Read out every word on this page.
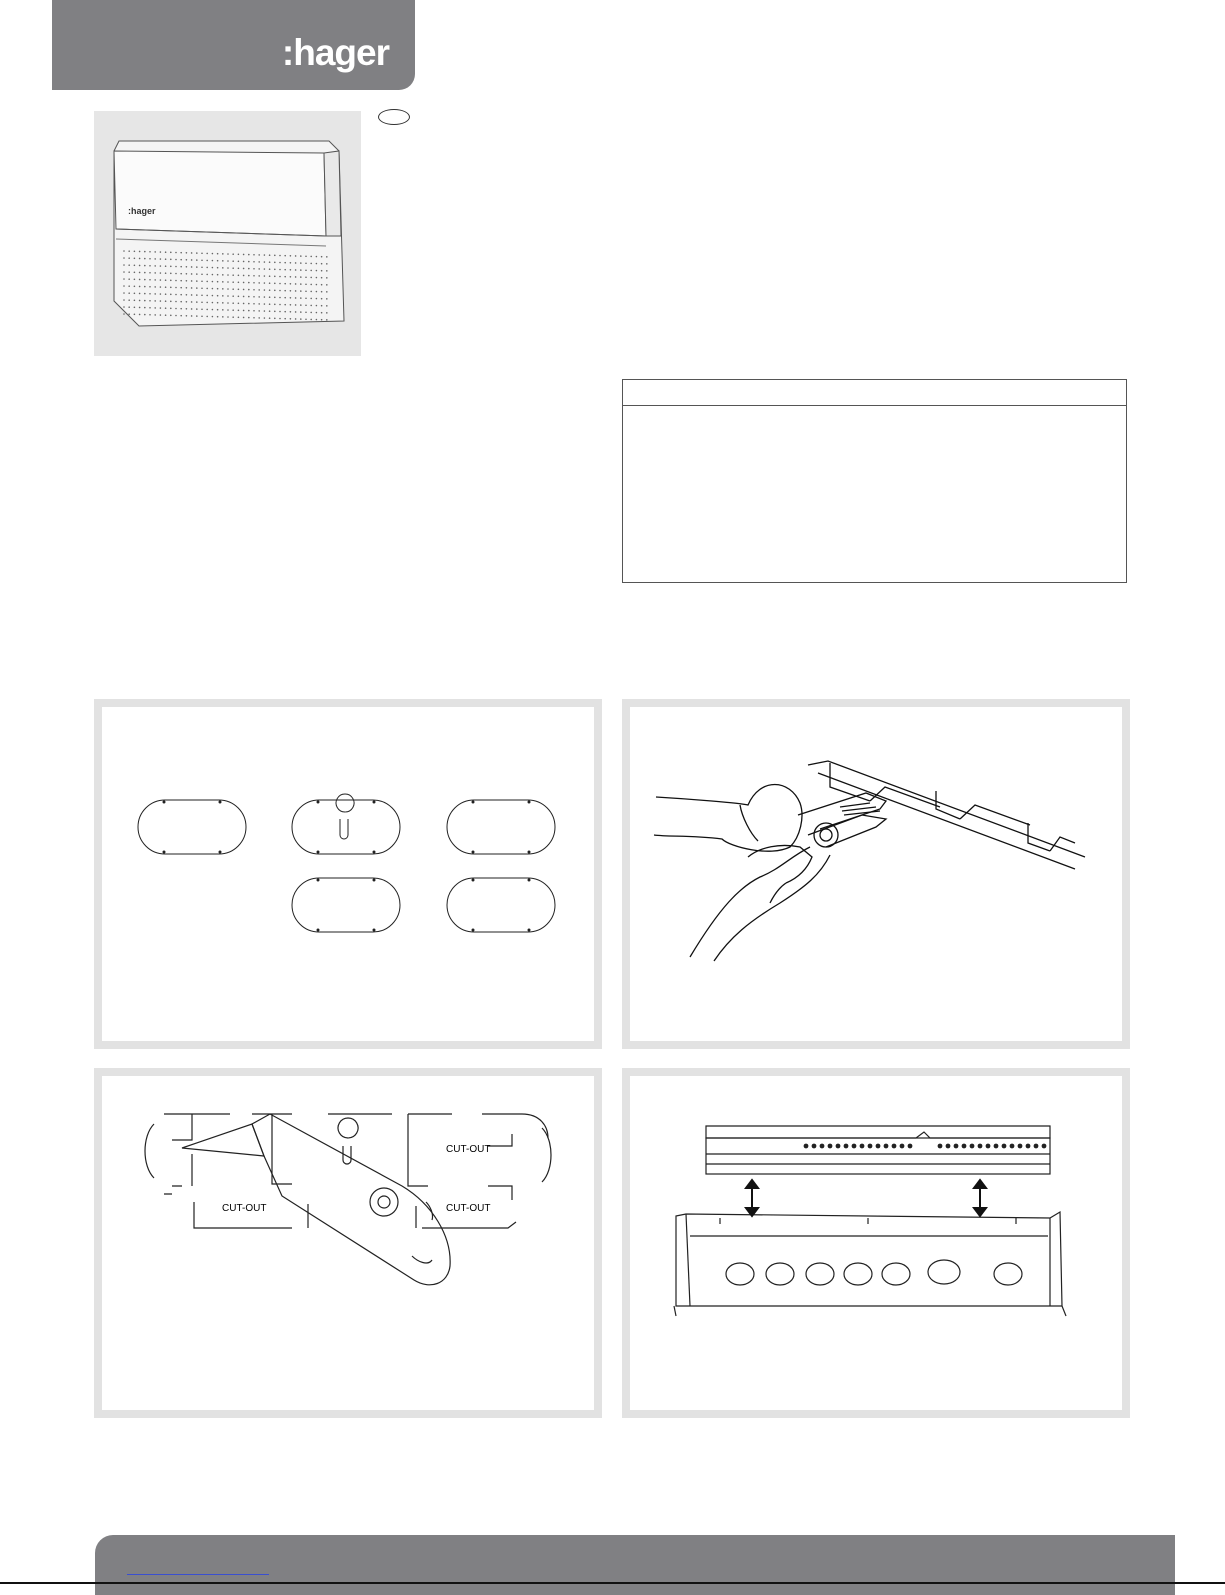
:hager
:hager
CUT-OUT
CUT-OUT	CUT-OUT
